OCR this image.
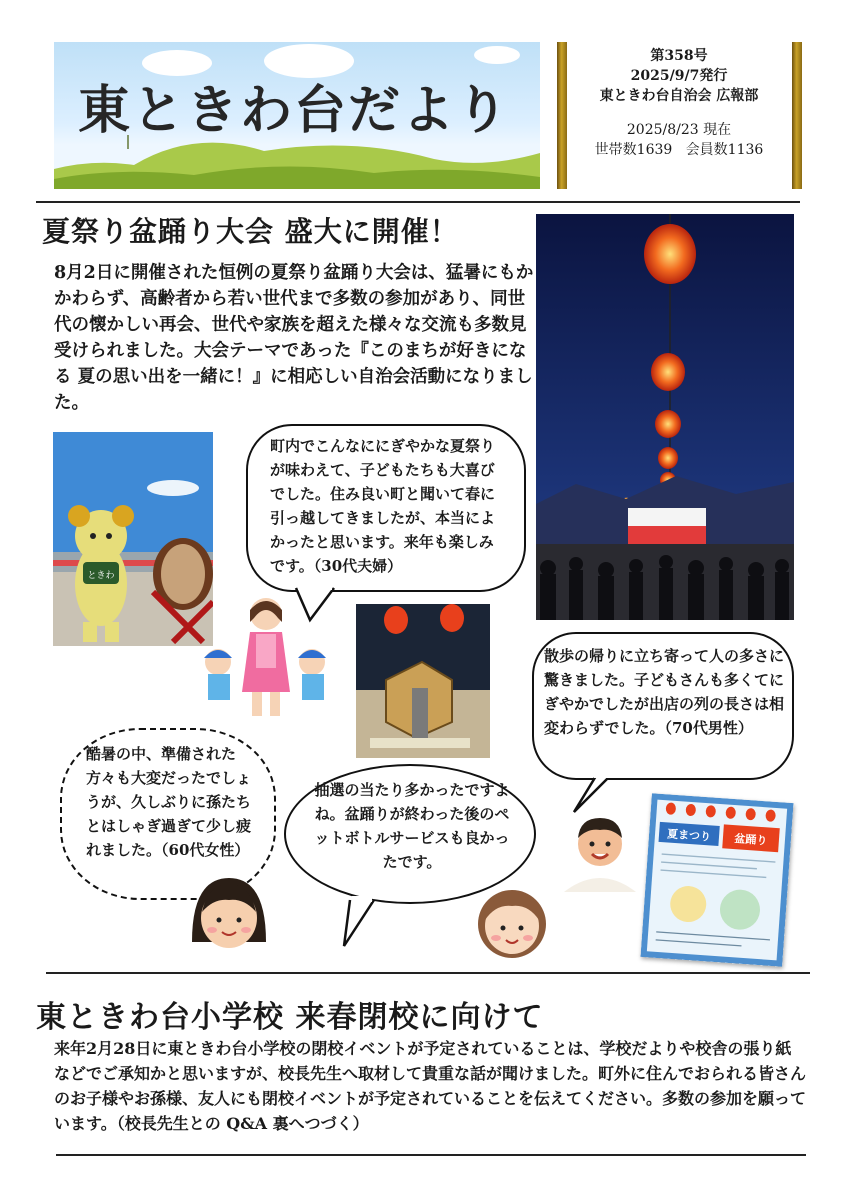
東ときわ台だより
第358号
2025/9/7発行
東ときわ台自治会 広報部
2025/8/23 現在
世帯数1639 会員数1136
夏祭り盆踊り大会 盛大に開催！
8月2日に開催された恒例の夏祭り盆踊り大会は、猛暑にもかかわらず、高齢者から若い世代まで多数の参加があり、同世代の懐かしい再会、世代や家族を超えた様々な交流も多数見受けられました。大会テーマであった『このまちが好きになる 夏の思い出を一緒に！』に相応しい自治会活動になりました。
ときわ
町内でこんなににぎやかな夏祭りが味わえて、子どもたちも大喜びでした。住み良い町と聞いて春に引っ越してきましたが、本当によかったと思います。来年も楽しみです。（30代夫婦）
散歩の帰りに立ち寄って人の多さに驚きました。子どもさんも多くてにぎやかでしたが出店の列の長さは相変わらずでした。（70代男性）
夏まつり 盆踊り
酷暑の中、準備された方々も大変だったでしょうが、久しぶりに孫たちとはしゃぎ過ぎて少し疲れました。（60代女性）
抽選の当たり多かったですよね。盆踊りが終わった後のペットボトルサービスも良かったです。
東ときわ台小学校 来春閉校に向けて
来年2月28日に東ときわ台小学校の閉校イベントが予定されていることは、学校だよりや校舎の張り紙などでご承知かと思いますが、校長先生へ取材して貴重な話が聞けました。町外に住んでおられる皆さんのお子様やお孫様、友人にも閉校イベントが予定されていることを伝えてください。多数の参加を願っています。（校長先生との Q&A 裏へつづく）
